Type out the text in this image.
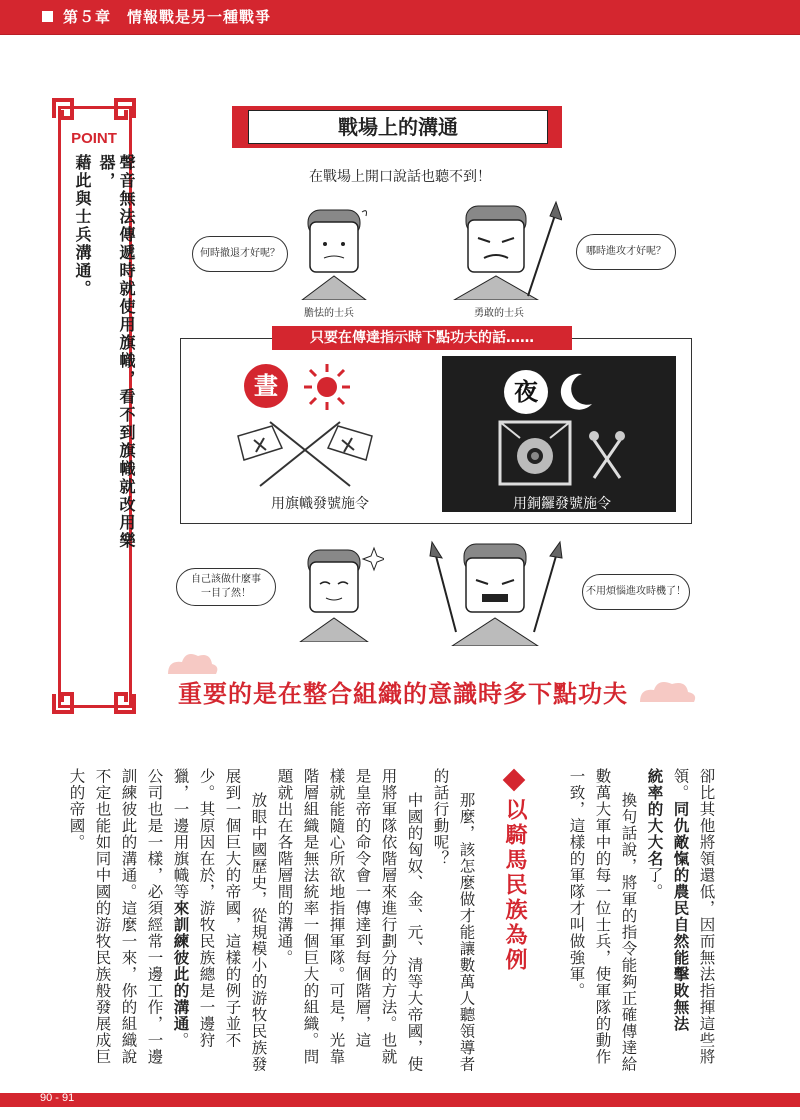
第５章　情報戰是另一種戰爭
POINT
聲音無法傳遞時就使用旗幟，看不到旗幟就改用樂器，
藉此與士兵溝通。
戰場上的溝通
在戰場上開口說話也聽不到！
何時撤退才好呢？	哪時進攻才好呢？
膽怯的士兵	勇敢的士兵
只要在傳達指示時下點功夫的話……
晝
用旗幟發號施令
夜
用銅鑼發號施令
自己該做什麼事
一目了然！	不用煩惱進攻時機了！
重要的是在整合組織的意識時多下點功夫
卻比其他將領還低，因而無法指揮這些將
領。同仇敵愾的農民自然能擊敗無法
統率的大大名了。
換句話說，將軍的指令能夠正確傳達給
數萬大軍中的每一位士兵，使軍隊的動作
一致，這樣的軍隊才叫做強軍。
以騎馬民族為例
那麼，該怎麼做才能讓數萬人聽領導者
的話行動呢？
中國的匈奴、金、元、清等大帝國，使
用將軍隊依階層來進行劃分的方法。也就
是皇帝的命令會一傳達到每個階層，這
樣就能隨心所欲地指揮軍隊。可是，光靠
階層組織是無法統率一個巨大的組織。問
題就出在各階層間的溝通。
放眼中國歷史，從規模小的游牧民族發
展到一個巨大的帝國，這樣的例子並不
少。其原因在於，游牧民族總是一邊狩
獵，一邊用旗幟等來訓練彼此的溝通。
公司也是一樣，必須經常一邊工作，一邊
訓練彼此的溝通。這麼一來，你的組織說
不定也能如同中國的游牧民族般發展成巨
大的帝國。
90 - 91
